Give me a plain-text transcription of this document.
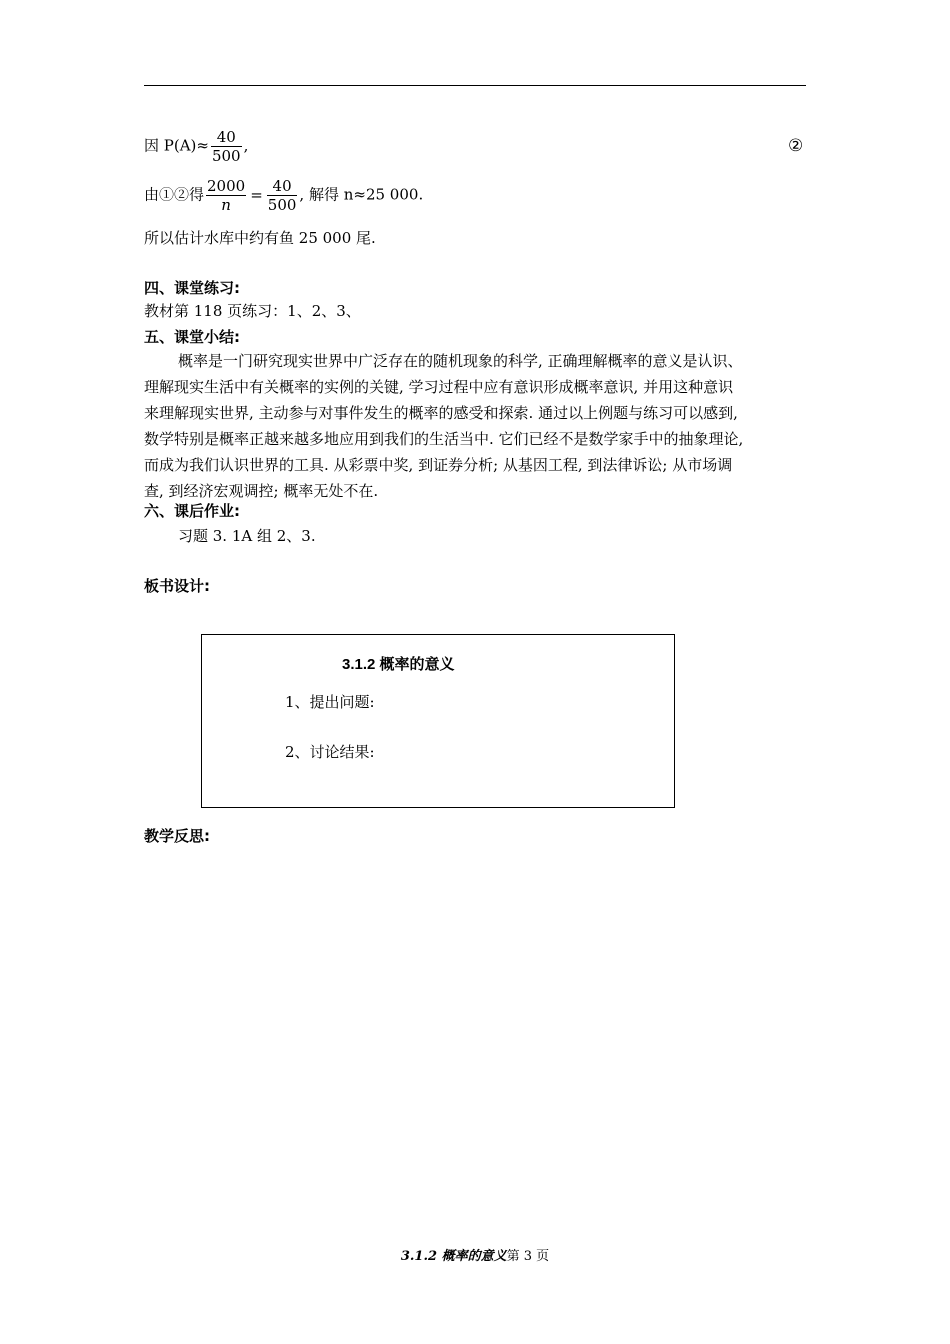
因 $P(A)\approx \frac{40}{500}$ ,	②
由①②得 $\frac{2000}{n} = \frac{40}{500}$ , 解得 n≈25 000.
所以估计水库中约有鱼 25 000 尾.
四、课堂练习:
教材第 118 页练习：1、2、3、
五、课堂小结:
概率是一门研究现实世界中广泛存在的随机现象的科学, 正确理解概率的意义是认识、
理解现实生活中有关概率的实例的关键, 学习过程中应有意识形成概率意识, 并用这种意识
来理解现实世界, 主动参与对事件发生的概率的感受和探索. 通过以上例题与练习可以感到,
数学特别是概率正越来越多地应用到我们的生活当中. 它们已经不是数学家手中的抽象理论,
而成为我们认识世界的工具. 从彩票中奖, 到证券分析; 从基因工程, 到法律诉讼; 从市场调
查, 到经济宏观调控; 概率无处不在.
六、课后作业:
习题 3. 1A 组 2、3.
板书设计:
3.1.2 概率的意义
1、提出问题:
2、讨论结果:
教学反思:
3.1.2 概率的意义第 3 页
